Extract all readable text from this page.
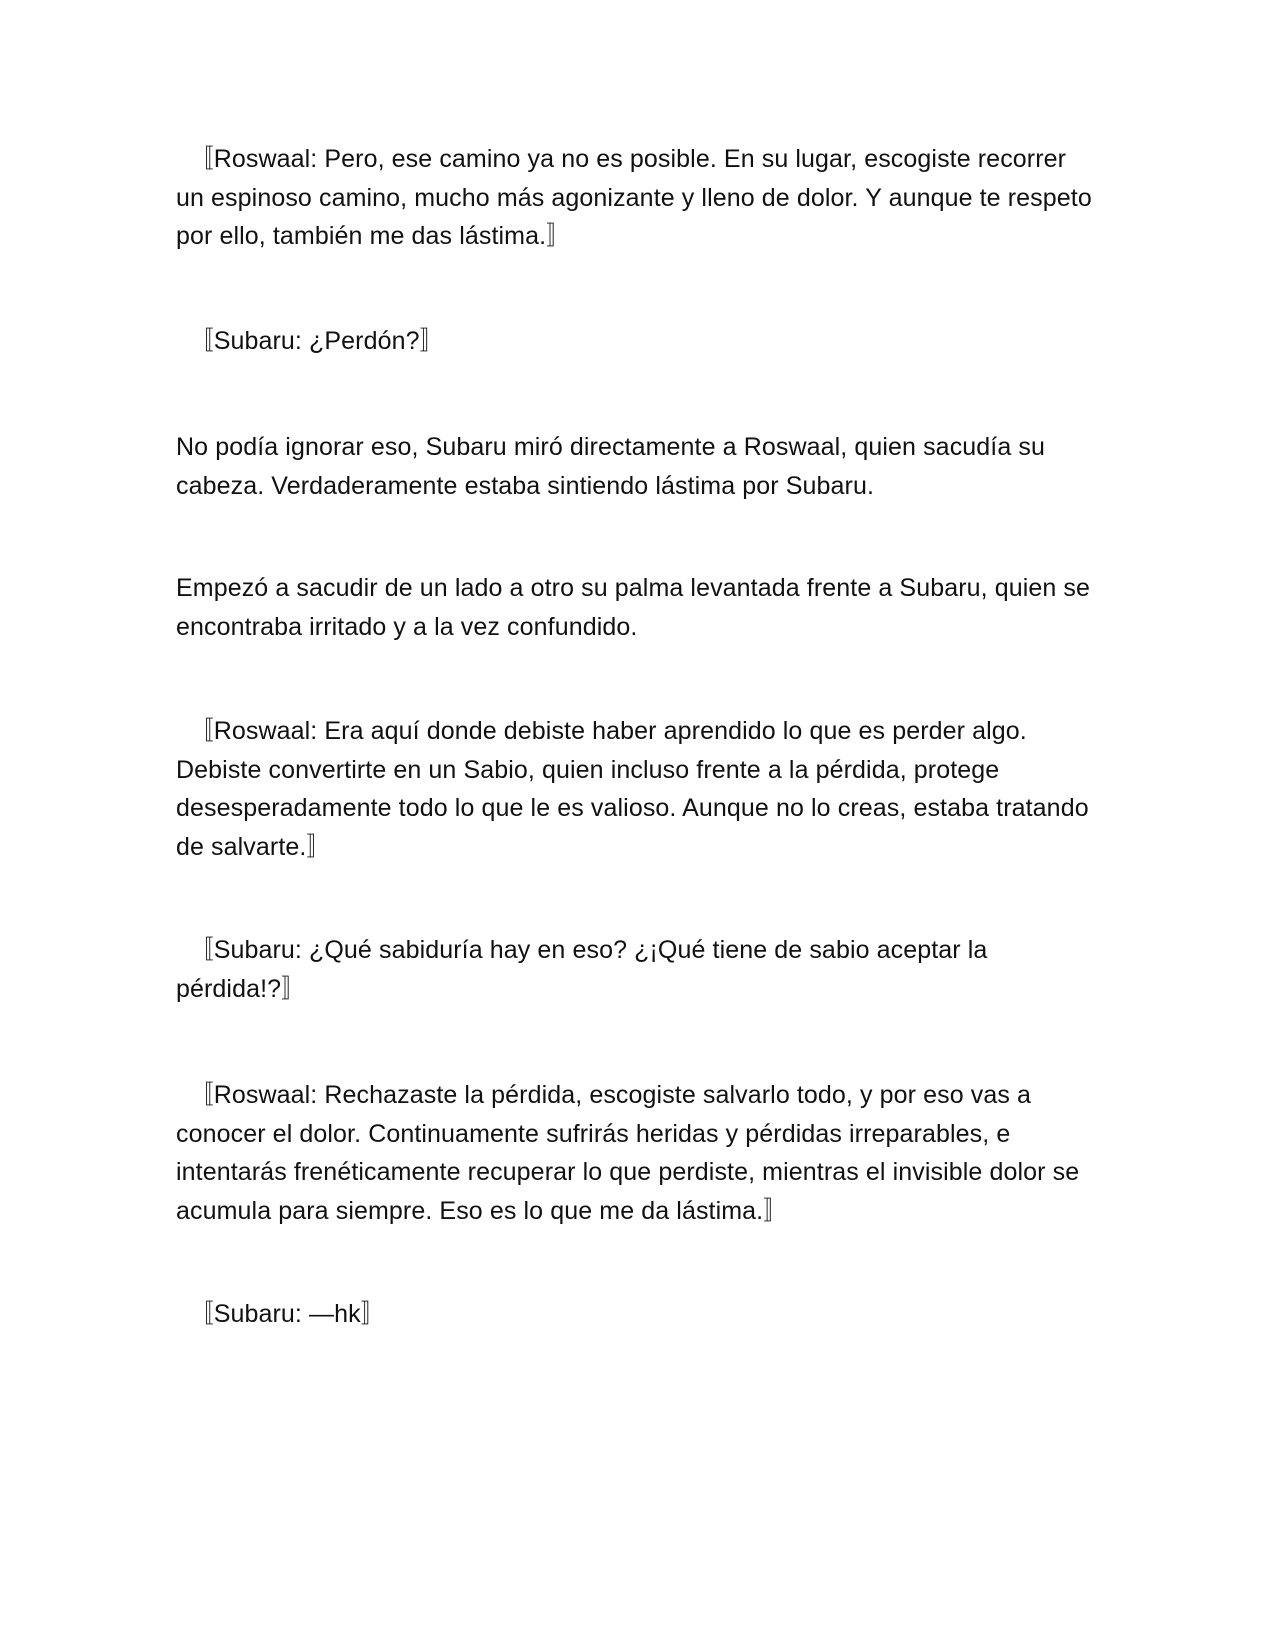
　〚Roswaal: Pero, ese camino ya no es posible. En su lugar, escogiste recorrer un espinoso camino, mucho más agonizante y lleno de dolor. Y aunque te respeto por ello, también me das lástima.〛

　〚Subaru: ¿Perdón?〛

No podía ignorar eso, Subaru miró directamente a Roswaal, quien sacudía su cabeza. Verdaderamente estaba sintiendo lástima por Subaru.

Empezó a sacudir de un lado a otro su palma levantada frente a Subaru, quien se encontraba irritado y a la vez confundido.

　〚Roswaal: Era aquí donde debiste haber aprendido lo que es perder algo. Debiste convertirte en un Sabio, quien incluso frente a la pérdida, protege desesperadamente todo lo que le es valioso. Aunque no lo creas, estaba tratando de salvarte.〛

　〚Subaru: ¿Qué sabiduría hay en eso? ¿¡Qué tiene de sabio aceptar la pérdida!?〛

　〚Roswaal: Rechazaste la pérdida, escogiste salvarlo todo, y por eso vas a conocer el dolor. Continuamente sufrirás heridas y pérdidas irreparables, e intentarás frenéticamente recuperar lo que perdiste, mientras el invisible dolor se acumula para siempre. Eso es lo que me da lástima.〛

　〚Subaru: —hk〛
